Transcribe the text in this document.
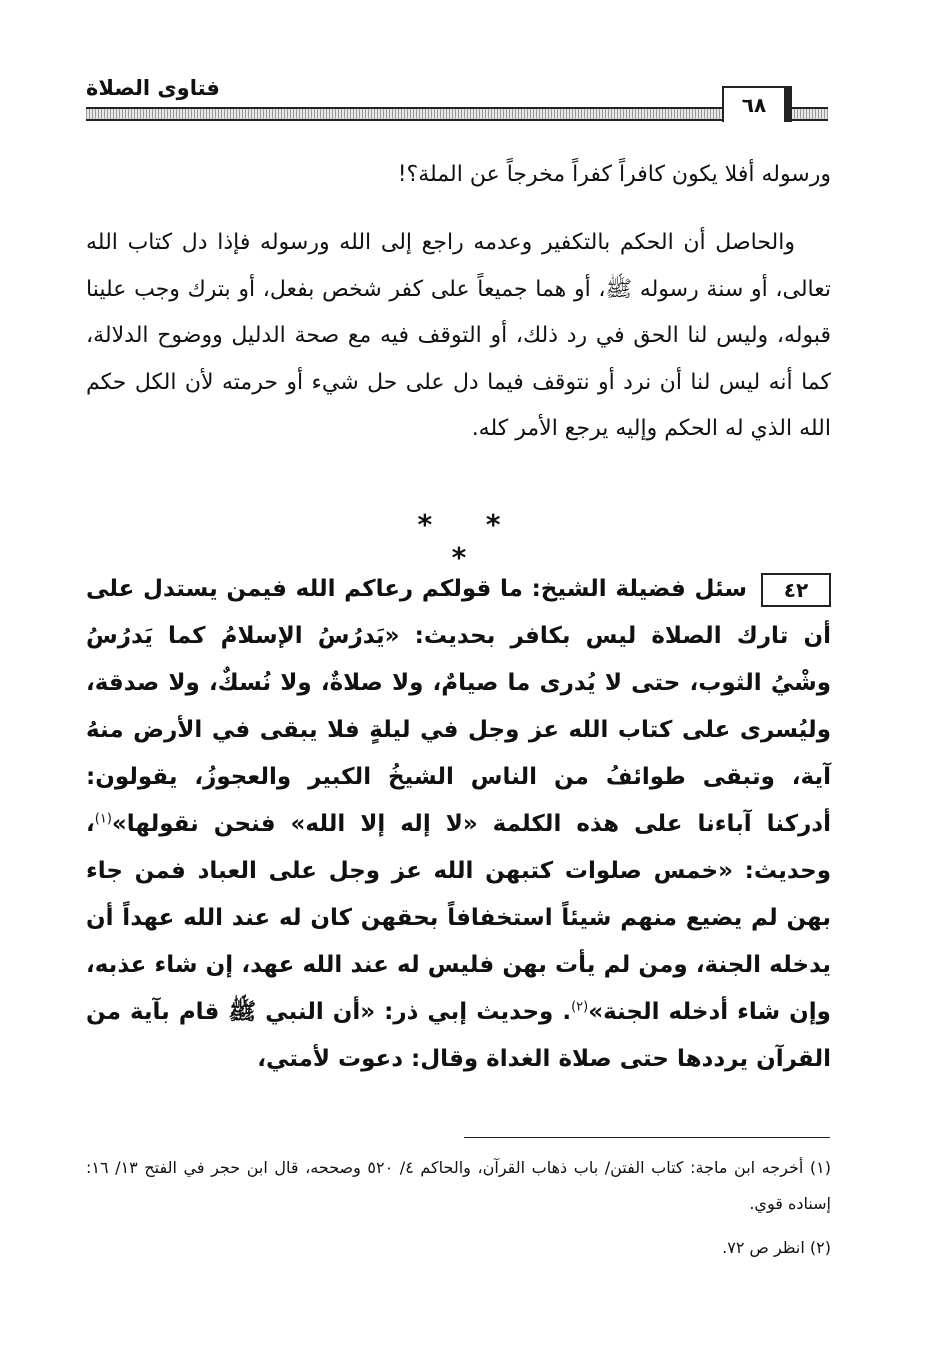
فتاوى الصلاة
٦٨
ورسوله أفلا يكون كافراً كفراً مخرجاً عن الملة؟!
والحاصل أن الحكم بالتكفير وعدمه راجع إلى الله ورسوله فإذا دل كتاب الله تعالى، أو سنة رسوله ﷺ، أو هما جميعاً على كفر شخص بفعل، أو بترك وجب علينا قبوله، وليس لنا الحق في رد ذلك، أو التوقف فيه مع صحة الدليل ووضوح الدلالة، كما أنه ليس لنا أن نرد أو نتوقف فيما دل على حل شيء أو حرمته لأن الكل حكم الله الذي له الحكم وإليه يرجع الأمر كله.
* * *
٤٢سئل فضيلة الشيخ: ما قولكم رعاكم الله فيمن يستدل على أن تارك الصلاة ليس بكافر بحديث: «يَدرُسُ الإسلامُ كما يَدرُسُ وشْيُ الثوب، حتى لا يُدرى ما صيامٌ، ولا صلاةٌ، ولا نُسكٌ، ولا صدقة، وليُسرى على كتاب الله عز وجل في ليلةٍ فلا يبقى في الأرض منهُ آية، وتبقى طوائفُ من الناس الشيخُ الكبير والعجوزُ، يقولون: أدركنا آباءنا على هذه الكلمة «لا إله إلا الله» فنحن نقولها»$^{(١)}$، وحديث: «خمس صلوات كتبهن الله عز وجل على العباد فمن جاء بهن لم يضيع منهم شيئاً استخفافاً بحقهن كان له عند الله عهداً أن يدخله الجنة، ومن لم يأت بهن فليس له عند الله عهد، إن شاء عذبه، وإن شاء أدخله الجنة»$^{(٢)}$. وحديث إبي ذر: «أن النبي ﷺ قام بآية من القرآن يرددها حتى صلاة الغداة وقال: دعوت لأمتي،
(١) أخرجه ابن ماجة: كتاب الفتن/ باب ذهاب القرآن، والحاكم ٤/ ٥٢٠ وصححه، قال ابن حجر في الفتح ١٣/ ١٦: إسناده قوي.
(٢) انظر ص ٧٢.
